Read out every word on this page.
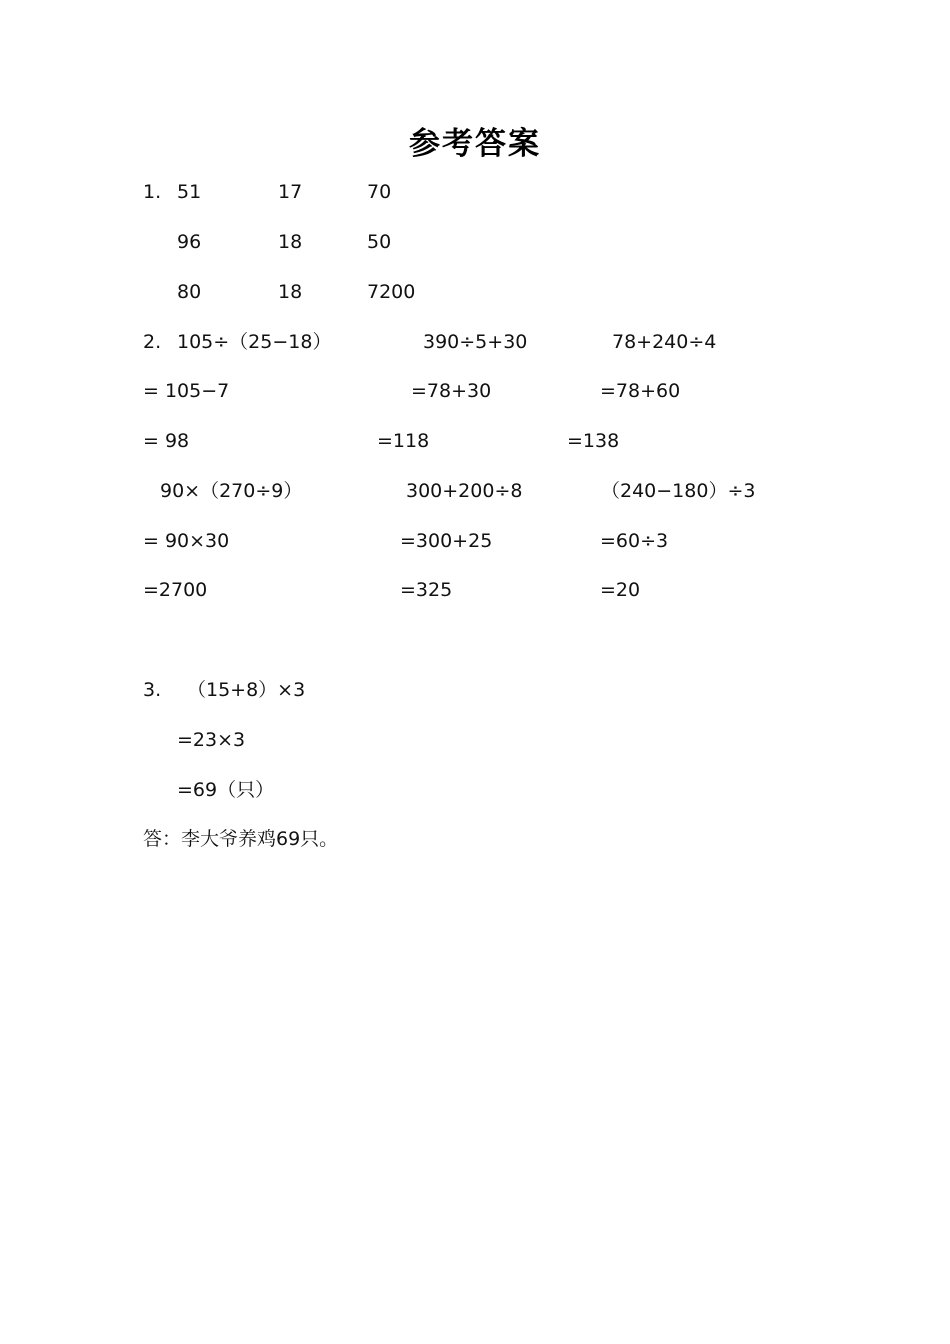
参考答案
1. 51	17	70
96	18	50
80	18	7200
2. 105÷（25−18）	390÷5+30	78+240÷4
= 105−7	=78+30	=78+60
= 98	=118	=138
90×（270÷9）	300+200÷8	（240−180）÷3
= 90×30	=300+25	=60÷3
=2700	=325	=20
3. （15+8）×3
=23×3
=69（只）
答：李大爷养鸡69只。
